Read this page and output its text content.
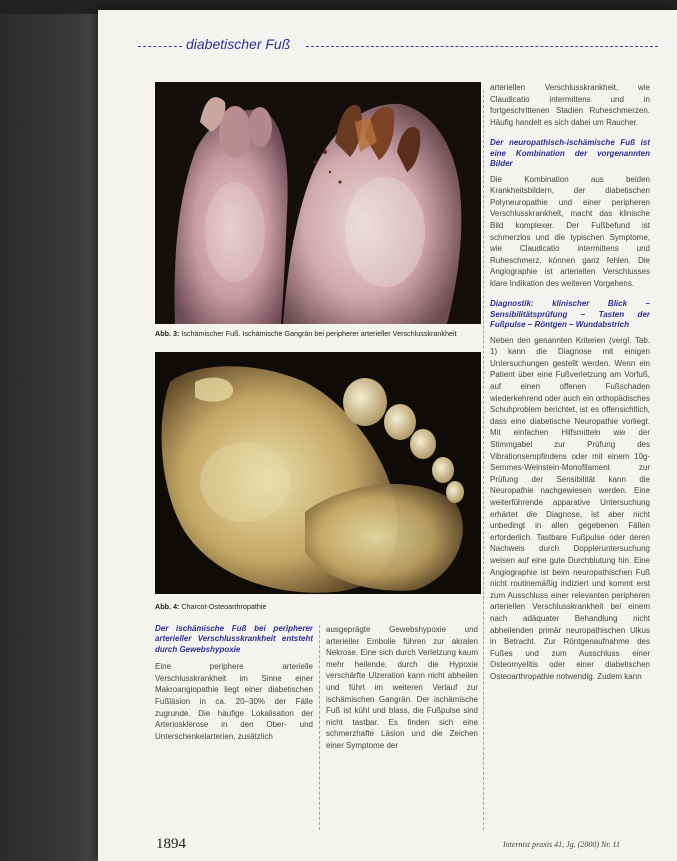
diabetischer Fuß
Abb. 3: Ischämischer Fuß. Ischämische Gangrän bei peripherer arterieller Verschlusskrankheit
Abb. 4: Charcot-Osteoarthropathie
Der ischämische Fuß bei peripherer arterieller Verschlusskrankheit entsteht durch Gewebshypoxie

Eine periphere arterielle Verschlusskrankheit im Sinne einer Makroangiopathie liegt einer diabetischen Fußläsion in ca. 20–30% der Fälle zugrunde. Die häufige Lokalisation der Arteriosklerose in den Ober- und Unterschenkelarterien, zusätzlich

ausgeprägte Gewebshypoxie und arterieller Embolie führen zur akralen Nekrose. Eine sich durch Verletzung kaum mehr heilende, durch die Hypoxie verschärfte Ulzeration kann nicht abheilen und führt im weiteren Verlauf zur ischämischen Gangrän. Der ischämische Fuß ist kühl und blass, die Fußpulse sind nicht tastbar. Es finden sich eine schmerzhafte Läsion und die Zeichen einer Symptome der

arteriellen Verschlusskrankheit, wie Claudicatio intermittens und in fortgeschrittenen Stadien Ruheschmerzen. Häufig handelt es sich dabei um Raucher.

Der neuropathisch-ischämische Fuß ist eine Kombination der vorgenannten Bilder

Die Kombination aus beiden Krankheitsbildern, der diabetischen Polyneuropathie und einer peripheren Verschlusskrankheit, macht das klinische Bild komplexer. Der Fußbefund ist schmerzlos und die typischen Symptome, wie Claudicatio intermittens und Ruheschmerz, können ganz fehlen. Die Angiographie ist arteriellen Verschlusses klare Indikation des weiteren Vorgehens.

Diagnostik: klinischer Blick – Sensibilitätsprüfung – Tasten der Fußpulse – Röntgen – Wundabstrich

Neben den genannten Kriterien (vergl. Tab. 1) kann die Diagnose mit einigen Untersuchungen gestellt werden. Wenn ein Patient über eine Fußverletzung am Vorfuß, auf einen offenen Fußschaden wiederkehrend oder auch ein orthopädisches Schuhproblem berichtet, ist es offensichtlich, dass eine diabetische Neuropathie vorliegt. Mit einfachen Hilfsmitteln wie der Stimmgabel zur Prüfung des Vibrationsempfindens oder mit einem 10g-Semmes-Weinstein-Monofilament zur Prüfung der Sensibilität kann die Neuropathie nachgewiesen werden. Eine weiterführende apparative Untersuchung erhärtet die Diagnose, ist aber nicht unbedingt in allen gegebenen Fällen erforderlich. Tastbare Fußpulse oder deren Nachweis durch Doppleruntersuchung weisen auf eine gute Durchblutung hin. Eine Angiographie ist beim neuropathischen Fuß nicht routinemäßig indiziert und kommt erst zum Ausschluss einer relevanten peripheren arteriellen Verschlusskrankheit bei einem nach adäquater Behandlung nicht abheilenden primär neuropathischen Ulkus in Betracht. Zur Röntgenaufnahme des Fußes und zum Ausschluss einer Osteomyelitis oder einer diabetischen Osteoarthropathie notwendig. Zudem kann

1894	Internist praxis 41, Jg. (2000) Nr. 11
